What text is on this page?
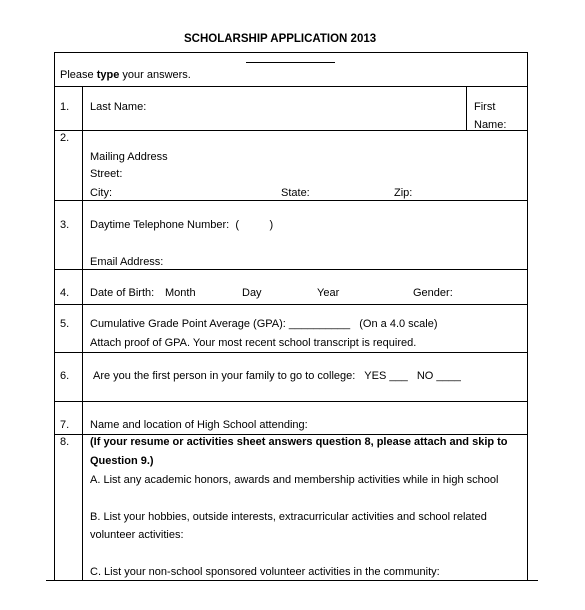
SCHOLARSHIP APPLICATION 2013
Please type your answers.
1. Last Name:	First
Name:
2.
Mailing Address
Street:
City:	State:	Zip:
3. Daytime Telephone Number:  (          )
Email Address:
4. Date of Birth: Month	Day	Year	Gender:
5. Cumulative Grade Point Average (GPA): __________   (On a 4.0 scale)
Attach proof of GPA. Your most recent school transcript is required.
6. Are you the first person in your family to go to college:   YES ___   NO ____
7. Name and location of High School attending:
8. (If your resume or activities sheet answers question 8, please attach and skip to
Question 9.)
A. List any academic honors, awards and membership activities while in high school
B. List your hobbies, outside interests, extracurricular activities and school related
volunteer activities:
C. List your non-school sponsored volunteer activities in the community:
